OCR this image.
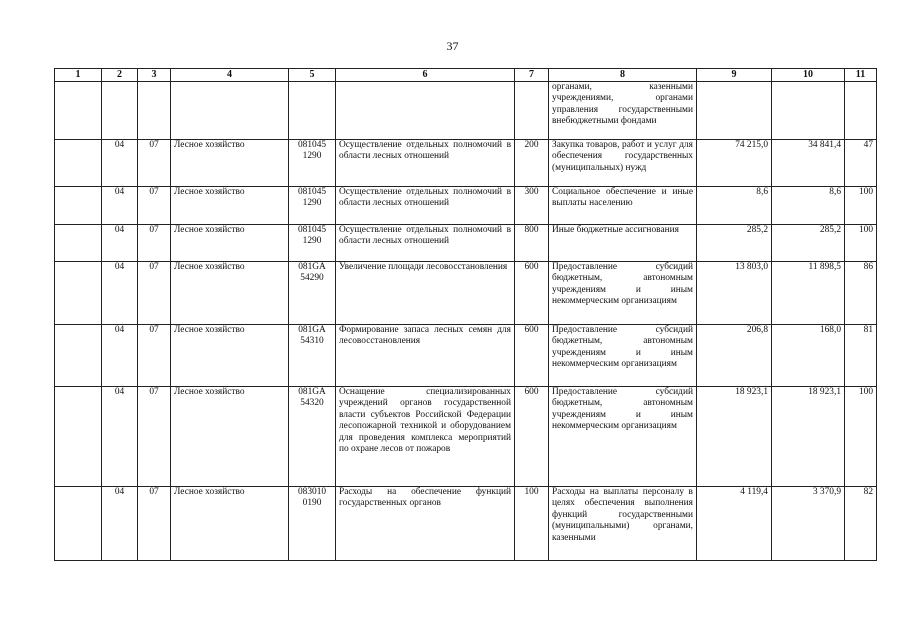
37
1	2	3	4	5	6	7	8	9	10	11
							органами, казенными учреждениями, органами управления государственными внебюджетными фондами			
	04	07	Лесное хозяйство	081045 1290	Осуществление отдельных полномочий в области лесных отношений	200	Закупка товаров, работ и услуг для обеспечения государственных (муниципальных) нужд	74 215,0	34 841,4	47
	04	07	Лесное хозяйство	081045 1290	Осуществление отдельных полномочий в области лесных отношений	300	Социальное обеспечение и иные выплаты населению	8,6	8,6	100
	04	07	Лесное хозяйство	081045 1290	Осуществление отдельных полномочий в области лесных отношений	800	Иные бюджетные ассигнования	285,2	285,2	100
	04	07	Лесное хозяйство	081GA 54290	Увеличение площади лесовосстановления	600	Предоставление субсидий бюджетным, автономным учреждениям и иным некоммерческим организациям	13 803,0	11 898,5	86
	04	07	Лесное хозяйство	081GA 54310	Формирование запаса лесных семян для лесовосстановления	600	Предоставление субсидий бюджетным, автономным учреждениям и иным некоммерческим организациям	206,8	168,0	81
	04	07	Лесное хозяйство	081GA 54320	Оснащение специализированных учреждений органов государственной власти субъектов Российской Федерации лесопожарной техникой и оборудованием для проведения комплекса мероприятий по охране лесов от пожаров	600	Предоставление субсидий бюджетным, автономным учреждениям и иным некоммерческим организациям	18 923,1	18 923,1	100
	04	07	Лесное хозяйство	083010 0190	Расходы на обеспечение функций государственных органов	100	Расходы на выплаты персоналу в целях обеспечения выполнения функций государственными (муниципальными) органами, казенными	4 119,4	3 370,9	82
